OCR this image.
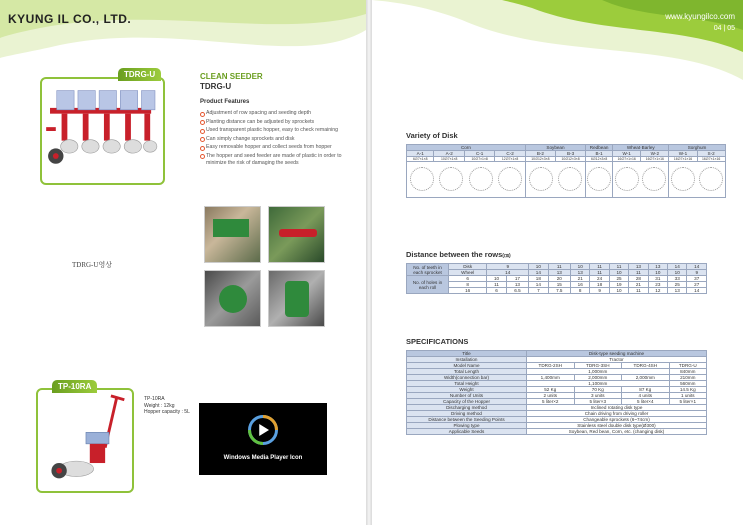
KYUNG IL CO., LTD.
TDRG-U	CLEAN SEEDER
TDRG-U
Product Features
Adjustment of row spacing and seeding depth
Planting distance can be adjusted by sprockets
Used transparent plastic hopper, easy to check remaining
Can simply change sprockets and disk
Easy removable hopper and collect seeds from hopper
The hopper and seed feeder are made of plastic in order to minimize the risk of damaging the seeds
TDRG-U영상
TP-10RA
TP-10RA
Weight : 12kg
Hopper capacity : 5L
Windows Media Player Icon
www.kyungilco.com
04 | 05
Variety of Disk
Corn				Soybean		Redbean	Wheat·Barley		Sorghum	
A-1	A-2	C-1	C-2	B-2	B-3	B-1	W-1	W-2	W-1	S-2
6∅7×1×8	10∅7×1×8	10∅7×1×8	12∅7×1×8	10∅12×3×8	10∅12×3×8	6∅12×3×8	16∅7×1×16	16∅7×1×16	16∅7×1×16	16∅7×1×16

Distance between the rows(㎝)
No. of teeth in each sprocket	Disk	9		10	11	10	11	11	13	13	14	14
	Wheel	14		14	13	13	11	10	11	10	10	9
No. of holes in each roll	6	10	17	18	20	21	24	25	28	31	33	37
	8	11	13	14	15	16	18	19	21	23	25	27
	16	6	6.5	7	7.5	8	9	10	11	12	13	14
SPECIFICATIONS
Title	Disk-type seeding machine			
Installation	Tractor			
Model Name	TDRG-2SH	TDRG-3SH	TDRG-4SH	TDRG-U
Total Length	1,000mm			840mm
Width(connection bar)	1,400mm	2,000mm	2,000mm	210mm
Total Height	1,100mm			560mm
Weight	52 Kg	70 Kg	87 Kg	14.5 Kg
Number of Units	2 units	3 units	4 units	1 units
Capacity of the Hopper	5 liter×2	5 liter×3	5 liter×4	5 liter×1
Discharging method	Inclined rotating disk type			
Driving method	Chain driving from driving roller			
Distance between the Seeding Points	Changeable sprockets (6~74cm)			
Plowing type	Stainless steel double disk type(Ø300)			
Applicable Seeds	Soybean, Red bean, Corn, etc. (changing disk)			
